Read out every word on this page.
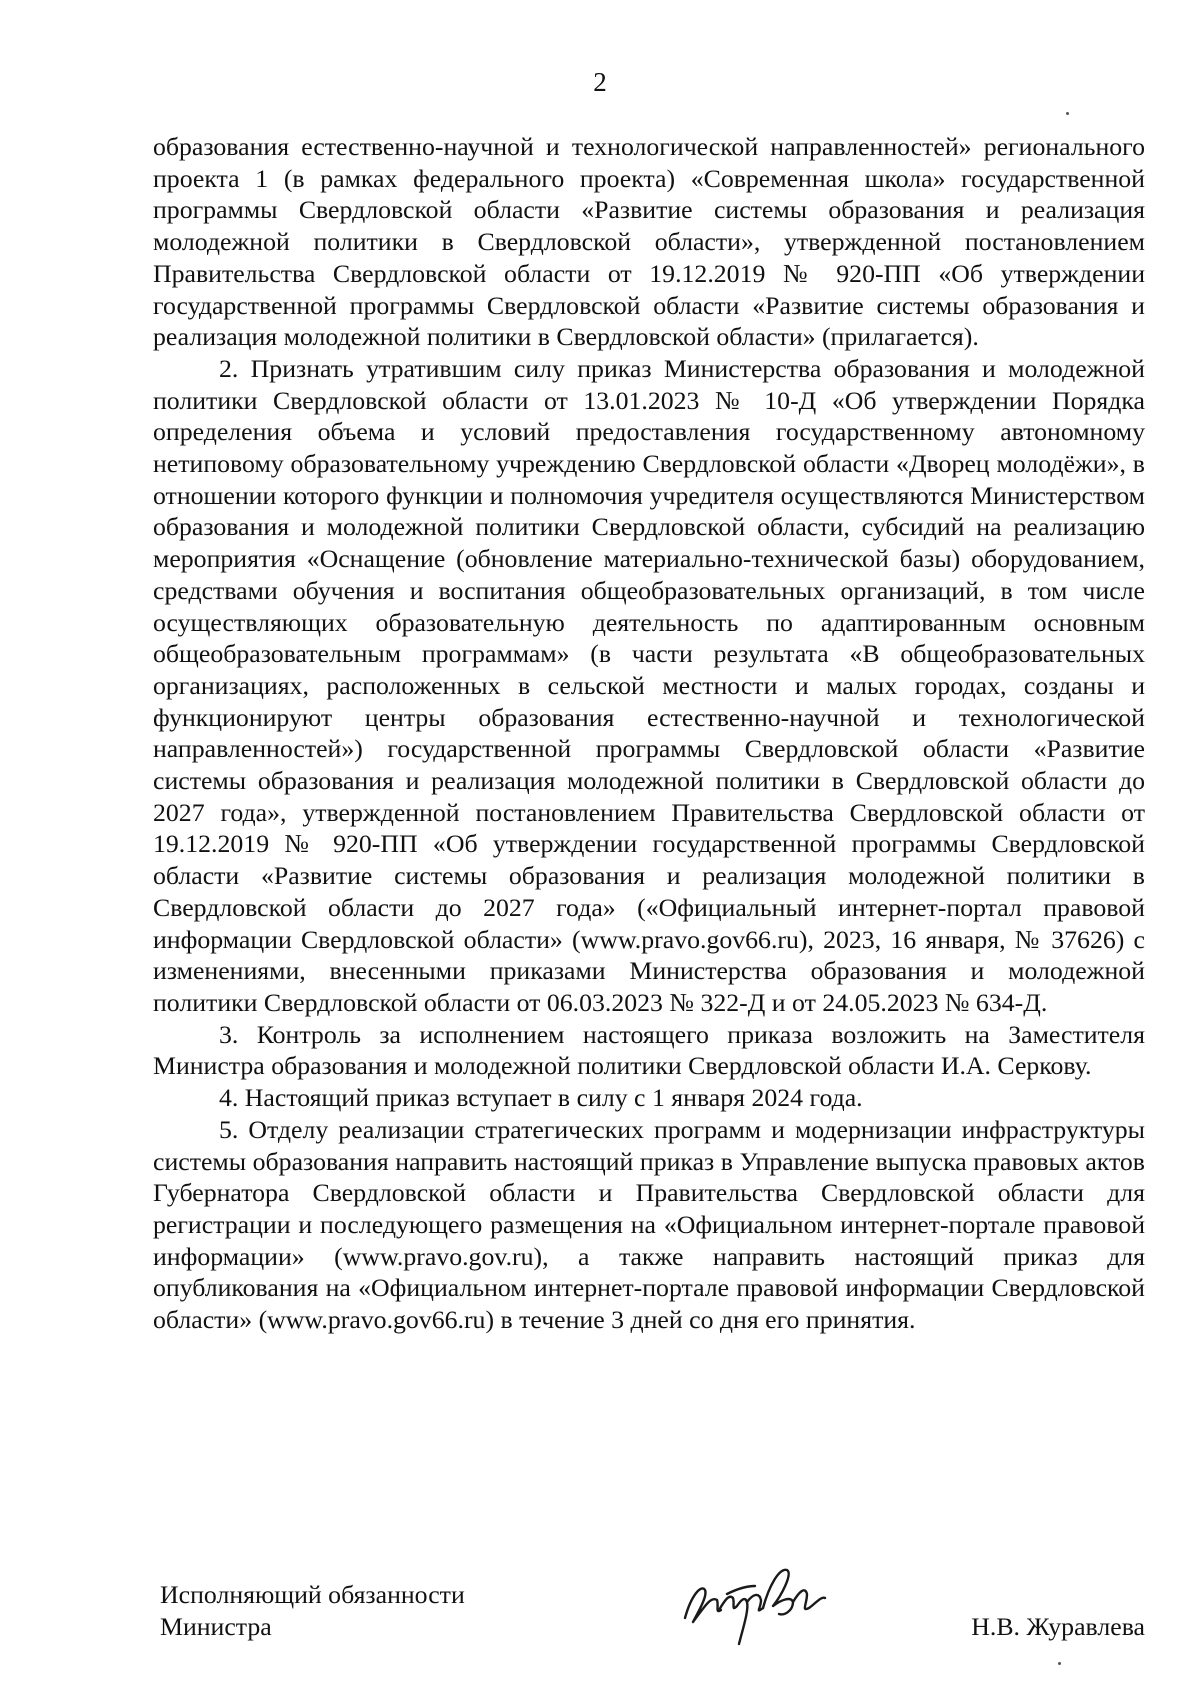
2

образования естественно-научной и технологической направленностей» регионального проекта 1 (в рамках федерального проекта) «Современная школа» государственной программы Свердловской области «Развитие системы образования и реализация молодежной политики в Свердловской области», утвержденной постановлением Правительства Свердловской области от 19.12.2019 № 920-ПП «Об утверждении государственной программы Свердловской области «Развитие системы образования и реализация молодежной политики в Свердловской области» (прилагается).

2. Признать утратившим силу приказ Министерства образования и молодежной политики Свердловской области от 13.01.2023 № 10-Д «Об утверждении Порядка определения объема и условий предоставления государственному автономному нетиповому образовательному учреждению Свердловской области «Дворец молодёжи», в отношении которого функции и полномочия учредителя осуществляются Министерством образования и молодежной политики Свердловской области, субсидий на реализацию мероприятия «Оснащение (обновление материально-технической базы) оборудованием, средствами обучения и воспитания общеобразовательных организаций, в том числе осуществляющих образовательную деятельность по адаптированным основным общеобразовательным программам» (в части результата «В общеобразовательных организациях, расположенных в сельской местности и малых городах, созданы и функционируют центры образования естественно-научной и технологической направленностей») государственной программы Свердловской области «Развитие системы образования и реализация молодежной политики в Свердловской области до 2027 года», утвержденной постановлением Правительства Свердловской области от 19.12.2019 № 920-ПП «Об утверждении государственной программы Свердловской области «Развитие системы образования и реализация молодежной политики в Свердловской области до 2027 года» («Официальный интернет-портал правовой информации Свердловской области» (www.pravo.gov66.ru), 2023, 16 января, № 37626) с изменениями, внесенными приказами Министерства образования и молодежной политики Свердловской области от 06.03.2023 № 322-Д и от 24.05.2023 № 634-Д.

3. Контроль за исполнением настоящего приказа возложить на Заместителя Министра образования и молодежной политики Свердловской области И.А. Серкову.

4. Настоящий приказ вступает в силу с 1 января 2024 года.

5. Отделу реализации стратегических программ и модернизации инфраструктуры системы образования направить настоящий приказ в Управление выпуска правовых актов Губернатора Свердловской области и Правительства Свердловской области для регистрации и последующего размещения на «Официальном интернет-портале правовой информации» (www.pravo.gov.ru), а также направить настоящий приказ для опубликования на «Официальном интернет-портале правовой информации Свердловской области» (www.pravo.gov66.ru) в течение 3 дней со дня его принятия.

Исполняющий обязанности
Министра	Н.В. Журавлева
